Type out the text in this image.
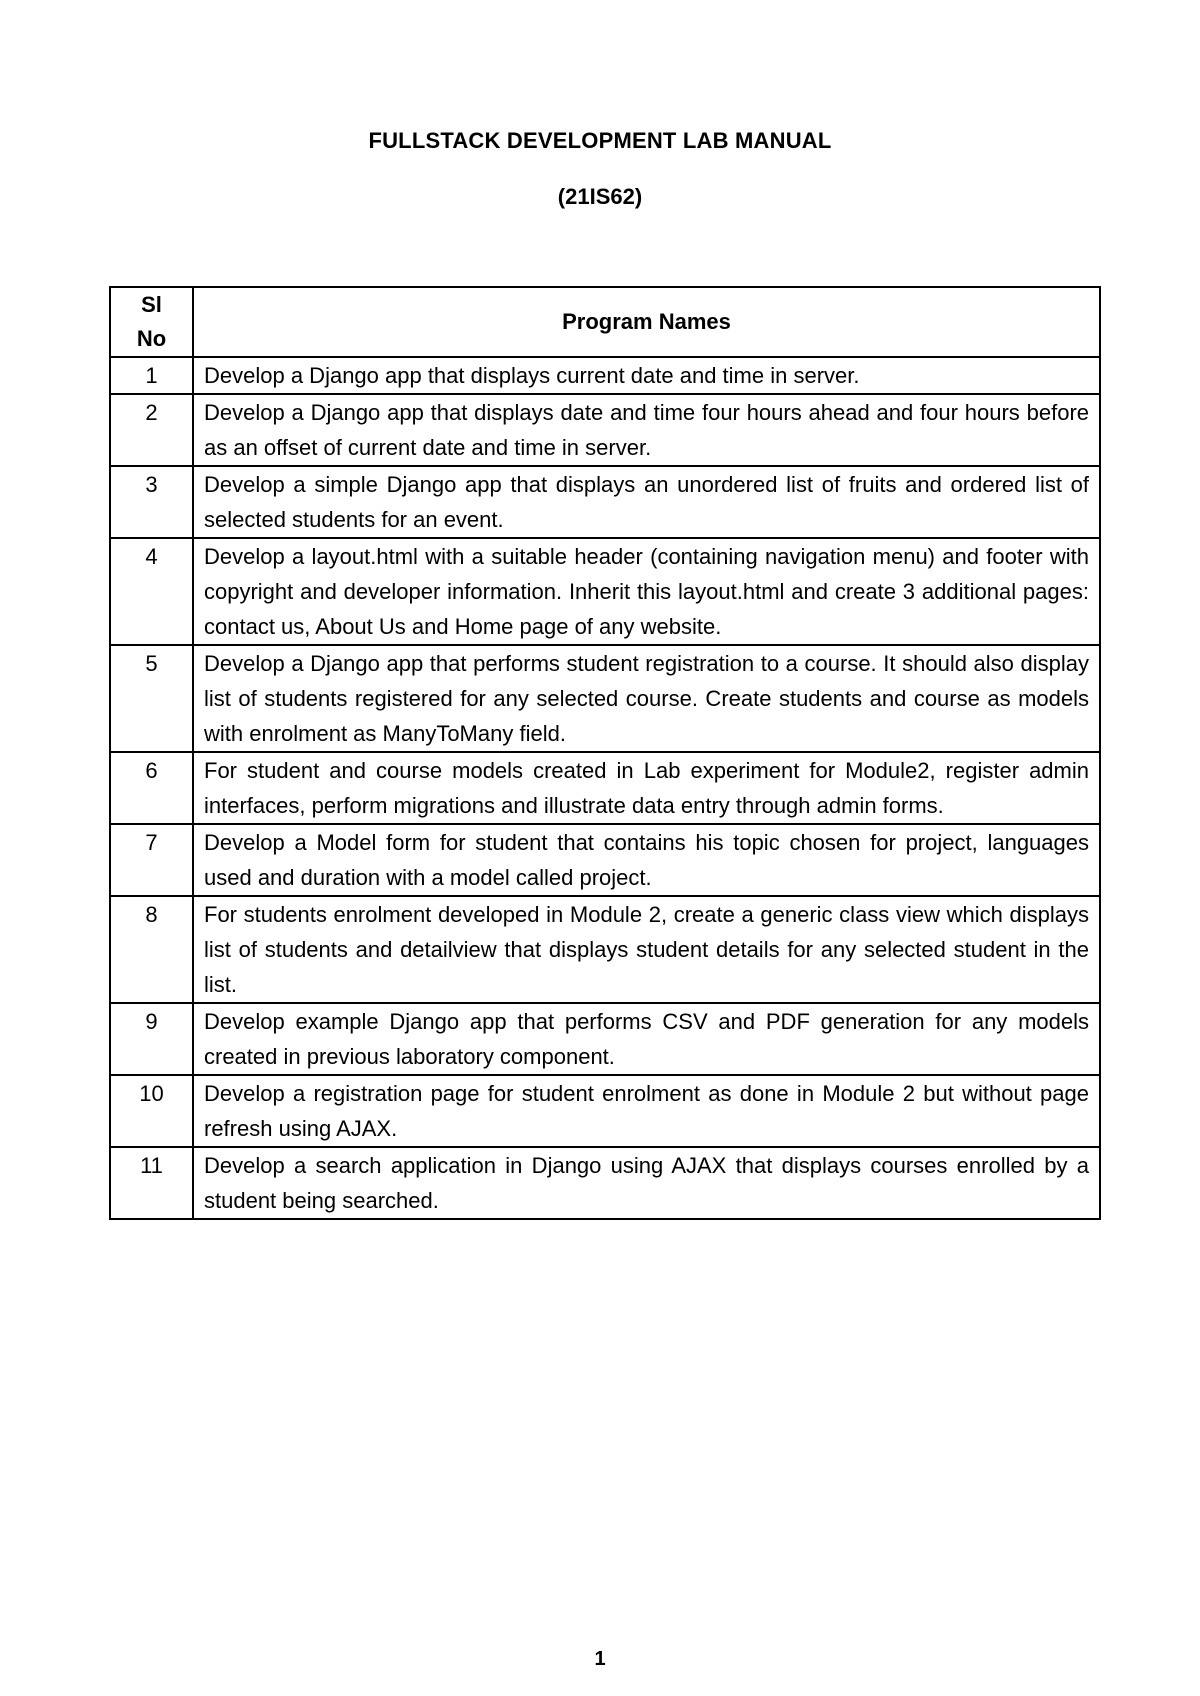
FULLSTACK DEVELOPMENT LAB MANUAL
(21IS62)
Sl
No	Program Names
1	Develop a Django app that displays current date and time in server.
2	Develop a Django app that displays date and time four hours ahead and four hours before as an offset of current date and time in server.
3	Develop a simple Django app that displays an unordered list of fruits and ordered list of selected students for an event.
4	Develop a layout.html with a suitable header (containing navigation menu) and footer with copyright and developer information. Inherit this layout.html and create 3 additional pages: contact us, About Us and Home page of any website.
5	Develop a Django app that performs student registration to a course. It should also display list of students registered for any selected course. Create students and course as models with enrolment as ManyToMany field.
6	For student and course models created in Lab experiment for Module2, register admin interfaces, perform migrations and illustrate data entry through admin forms.
7	Develop a Model form for student that contains his topic chosen for project, languages used and duration with a model called project.
8	For students enrolment developed in Module 2, create a generic class view which displays list of students and detailview that displays student details for any selected student in the list.
9	Develop example Django app that performs CSV and PDF generation for any models created in previous laboratory component.
10	Develop a registration page for student enrolment as done in Module 2 but without page refresh using AJAX.
11	Develop a search application in Django using AJAX that displays courses enrolled by a student being searched.
1
